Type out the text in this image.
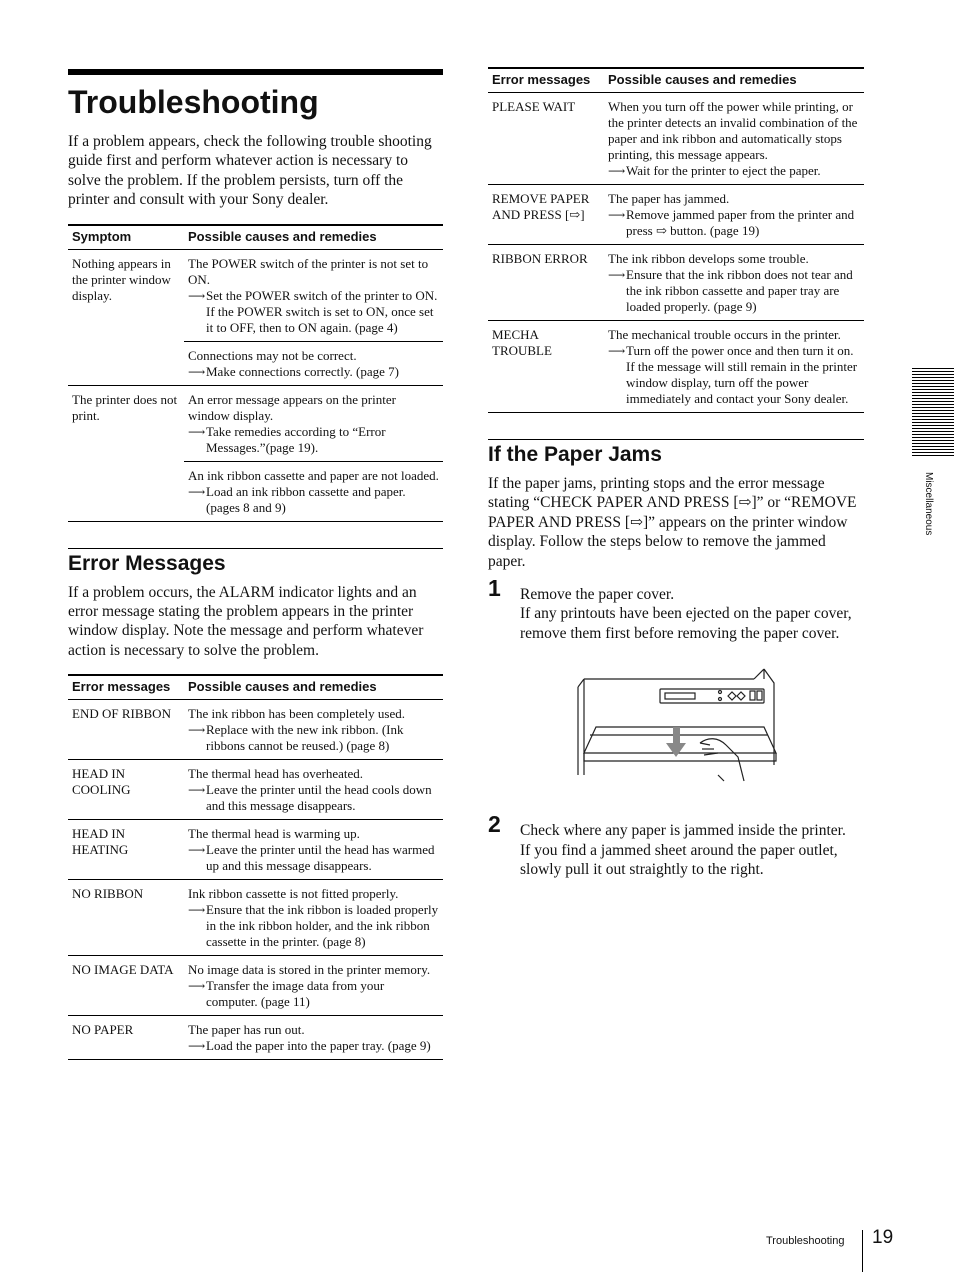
Troubleshooting

If a problem appears, check the following trouble shooting guide first and perform whatever action is necessary to solve the problem. If the problem persists, turn off the printer and consult with your Sony dealer.

Symptom	Possible causes and remedies
Nothing appears in the printer window display.	The POWER switch of the printer is not set to ON.
⟶Set the POWER switch of the printer to ON. If the POWER switch is set to ON, once set it to OFF, then to ON again. (page 4)

	Connections may not be correct.
⟶Make connections correctly. (page 7)

The printer does not print.	An error message appears on the printer window display.
⟶Take remedies according to “Error Messages.”(page 19).

	An ink ribbon cassette and paper are not loaded.
⟶Load an ink ribbon cassette and paper. (pages 8 and 9)
Error Messages

If a problem occurs, the ALARM indicator lights and an error message stating the problem appears in the printer window display. Note the message and perform whatever action is necessary to solve the problem.

Error messages	Possible causes and remedies
END OF RIBBON	The ink ribbon has been completely used.
⟶Replace with the new ink ribbon. (Ink ribbons cannot be reused.) (page 8)

HEAD IN COOLING	The thermal head has overheated.
⟶Leave the printer until the head cools down and this message disappears.

HEAD IN HEATING	The thermal head is warming up.
⟶Leave the printer until the head has warmed up and this message disappears.

NO RIBBON	Ink ribbon cassette is not fitted properly.
⟶Ensure that the ink ribbon is loaded properly in the ink ribbon holder, and the ink ribbon cassette in the printer. (page 8)

NO IMAGE DATA	No image data is stored in the printer memory.
⟶Transfer the image data from your computer. (page 11)

NO PAPER	The paper has run out.
⟶Load the paper into the paper tray. (page 9)
Error messages	Possible causes and remedies
PLEASE WAIT	When you turn off the power while printing, or the printer detects an invalid combination of the paper and ink ribbon and automatically stops printing, this message appears.
⟶Wait for the printer to eject the paper.

REMOVE PAPER AND PRESS [⇨]	The paper has jammed.
⟶Remove jammed paper from the printer and press ⇨ button. (page 19)

RIBBON ERROR	The ink ribbon develops some trouble.
⟶Ensure that the ink ribbon does not tear and the ink ribbon cassette and paper tray are loaded properly. (page 9)

MECHA TROUBLE	The mechanical trouble occurs in the printer.
⟶Turn off the power once and then turn it on. If the message will still remain in the printer window display, turn off the power immediately and contact your Sony dealer.
If the Paper Jams

If the paper jams, printing stops and the error message stating “CHECK PAPER AND PRESS [⇨]” or “REMOVE PAPER AND PRESS [⇨]” appears on the printer window display. Follow the steps below to remove the jammed paper.

1 Remove the paper cover.
If any printouts have been ejected on the paper cover, remove them first before removing the paper cover.
2 Check where any paper is jammed inside the printer.
If you find a jammed sheet around the paper outlet, slowly pull it out straightly to the right.
Miscellaneous
Troubleshooting 19
